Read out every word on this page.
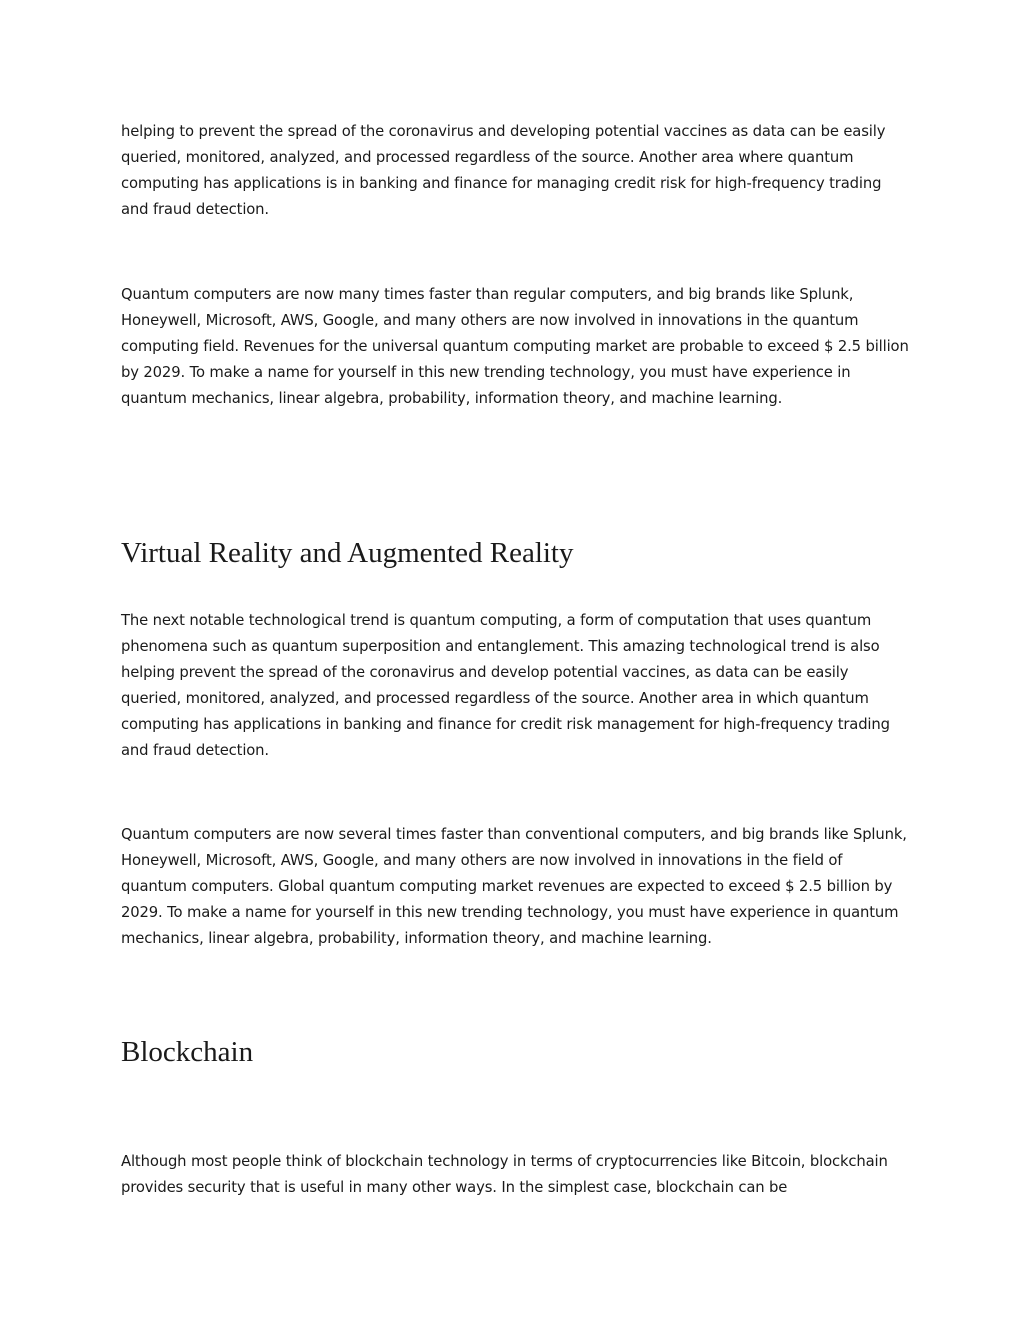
helping to prevent the spread of the coronavirus and developing potential vaccines as data can be easily queried, monitored, analyzed, and processed regardless of the source. Another area where quantum computing has applications is in banking and finance for managing credit risk for high-frequency trading and fraud detection.

Quantum computers are now many times faster than regular computers, and big brands like Splunk, Honeywell, Microsoft, AWS, Google, and many others are now involved in innovations in the quantum computing field. Revenues for the universal quantum computing market are probable to exceed $ 2.5 billion by 2029. To make a name for yourself in this new trending technology, you must have experience in quantum mechanics, linear algebra, probability, information theory, and machine learning.

Virtual Reality and Augmented Reality

The next notable technological trend is quantum computing, a form of computation that uses quantum phenomena such as quantum superposition and entanglement. This amazing technological trend is also helping prevent the spread of the coronavirus and develop potential vaccines, as data can be easily queried, monitored, analyzed, and processed regardless of the source. Another area in which quantum computing has applications in banking and finance for credit risk management for high-frequency trading and fraud detection.

Quantum computers are now several times faster than conventional computers, and big brands like Splunk, Honeywell, Microsoft, AWS, Google, and many others are now involved in innovations in the field of quantum computers. Global quantum computing market revenues are expected to exceed $ 2.5 billion by 2029. To make a name for yourself in this new trending technology, you must have experience in quantum mechanics, linear algebra, probability, information theory, and machine learning.

Blockchain

Although most people think of blockchain technology in terms of cryptocurrencies like Bitcoin, blockchain provides security that is useful in many other ways. In the simplest case, blockchain can be
